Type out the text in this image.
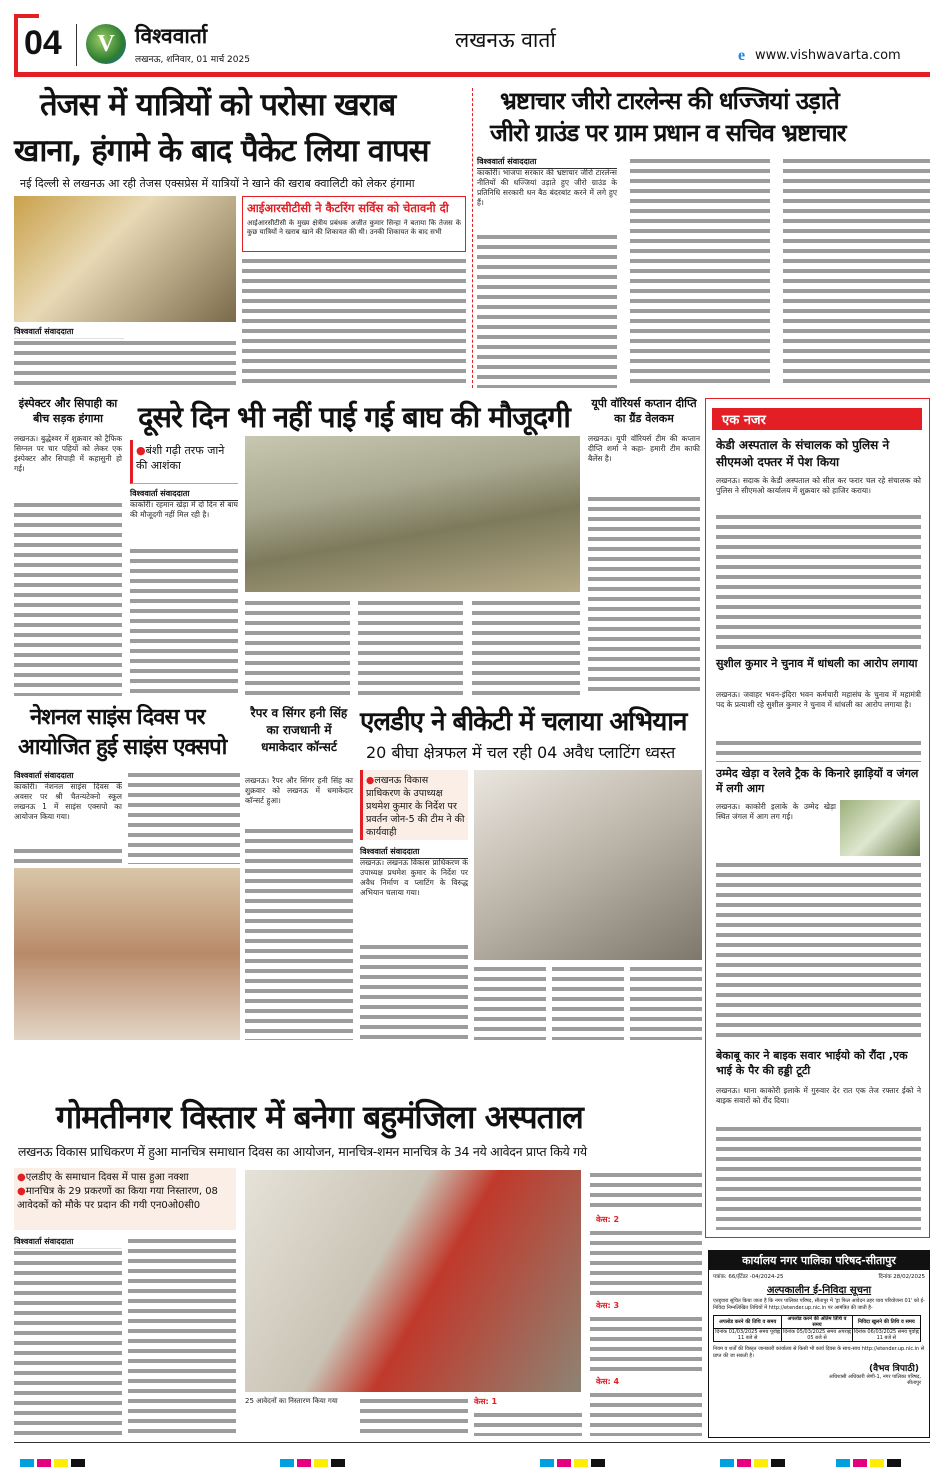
04	V विश्ववार्ता
लखनऊ, शनिवार, 01 मार्च 2025
लखनऊ वार्ता
e www.vishwavarta.com
तेजस में यात्रियों को परोसा खराब
खाना, हंगामे के बाद पैकेट लिया वापस
नई दिल्ली से लखनऊ आ रही तेजस एक्सप्रेस में यात्रियों ने खाने की खराब क्वालिटी को लेकर हंगामा
आईआरसीटीसी ने कैटरिंग सर्विस को चेतावनी दी
आईआरसीटीसी के मुख्य क्षेत्रीय प्रबंधक अजीत कुमार सिन्हा ने बताया कि तेजस के कुछ यात्रियों ने खराब खाने की शिकायत की थी। उनकी शिकायत के बाद सभी
विश्ववार्ता संवाददाता
भ्रष्टाचार जीरो टारलेन्स की धज्जियां उड़ाते
जीरो ग्राउंड पर ग्राम प्रधान व सचिव भ्रष्टाचार
विश्ववार्ता संवाददाता
काकोरी। भाजपा सरकार की भ्रष्टाचार जीरो टारलेन्स नीतियों की धज्जियां उड़ाते हुए जीरो ग्राउंड के प्रतिनिधि सरकारी धन बैठ बंदरबांट करने में लगे हुए हैं।
इंस्पेक्टर और सिपाही का बीच सड़क हंगामा
लखनऊ। बुद्धेश्वर में शुक्रवार को ट्रैफिक सिग्नल पर चार पहियों को लेकर एक इंस्पेक्टर और सिपाही में कहासुनी हो गई।
दूसरे दिन भी नहीं पाई गई बाघ की मौजूदगी
●बंशी गढ़ी तरफ जाने की आशंका
विश्ववार्ता संवाददाता
काकोरी। रहमान खेड़ा में दो दिन से बाघ की मौजूदगी नहीं मिल रही है।
यूपी वॉरियर्स कप्तान दीप्ति का ग्रैंड वेलकम
लखनऊ। यूपी वॉरियर्स टीम की कप्तान दीप्ति शर्मा ने कहा- हमारी टीम काफी बैलेंस है।
एक नजर
केडी अस्पताल के संचालक को पुलिस ने सीएमओ दफ्तर में पेश किया
लखनऊ। सदाक के केडी अस्पताल को सील कर फरार चल रहे संचालक को पुलिस ने सीएमओ कार्यालय में शुक्रवार को हाजिर कराया।
सुशील कुमार ने चुनाव में धांधली का आरोप लगाया
लखनऊ। जवाहर भवन-इंदिरा भवन कर्मचारी महासंघ के चुनाव में महामंत्री पद के प्रत्याशी रहे सुशील कुमार ने चुनाव में धांधली का आरोप लगाया है।
उम्मेद खेड़ा व रेलवे ट्रैक के किनारे झाड़ियों व जंगल में लगी आग
लखनऊ। काकोरी इलाके के उम्मेद खेड़ा स्थित जंगल में आग लग गई।
बेकाबू कार ने बाइक सवार भाईयो को रौंदा ,एक भाई के पैर की हड्डी टूटी
लखनऊ। थाना काकोरी इलाके में गुरुवार देर रात एक तेज रफ्तार ईको ने बाइक सवारों को रौंद दिया।
नेशनल साइंस दिवस पर
आयोजित हुई साइंस एक्सपो
विश्ववार्ता संवाददाता
काकोरी। नेशनल साइंस दिवस के अवसर पर श्री चैतन्यटेक्नो स्कूल लखनऊ 1 में साइंस एक्सपो का आयोजन किया गया।
रैपर व सिंगर हनी सिंह का राजधानी में धमाकेदार कॉन्सर्ट
लखनऊ। रैपर और सिंगर हनी सिंह का शुक्रवार को लखनऊ में धमाकेदार कॉन्सर्ट हुआ।
एलडीए ने बीकेटी में चलाया अभियान
20 बीघा क्षेत्रफल में चल रही 04 अवैध प्लाटिंग ध्वस्त
●लखनऊ विकास प्राधिकरण के उपाध्यक्ष प्रथमेश कुमार के निर्देश पर प्रवर्तन जोन-5 की टीम ने की कार्यवाही
विश्ववार्ता संवाददाता
लखनऊ। लखनऊ विकास प्राधिकरण के उपाध्यक्ष प्रथमेश कुमार के निर्देश पर अवैध निर्माण व प्लाटिंग के विरुद्ध अभियान चलाया गया।
गोमतीनगर विस्तार में बनेगा बहुमंजिला अस्पताल
लखनऊ विकास प्राधिकरण में हुआ मानचित्र समाधान दिवस का आयोजन, मानचित्र-शमन मानचित्र के 34 नये आवेदन प्राप्त किये गये
●एलडीए के समाधान दिवस में पास हुआ नक्शा
●मानचित्र के 29 प्रकरणों का किया गया निस्तारण, 08 आवेदकों को मौके पर प्रदान की गयी एन0ओ0सी0
विश्ववार्ता संवाददाता
25 आवेदनों का निस्तारण किया गया	केस: 1
केस: 2
केस: 3
केस: 4
कार्यालय नगर पालिका परिषद-सीतापुर
पत्रांक: 66/ईटेंडर -04/2024-25	दिनांक 28/02/2025
अल्पकालीन ई-निविदा सूचना
एतद्द्वारा सूचित किया जाता है कि नगर पालिका परिषद, सीतापुर में 'ड्रा फिल आवेदन ठहर व्यय परियोजना 01' को ई-निविदा निम्नलिखित तिथियों में http://etender.up.nic.in पर आमंत्रित की जाती है-
अपलोड करने की तिथि व समय	अपलोड करने की अंतिम तिथि व समय	निविदा खुलने की तिथि व समय
दिनांक 01/03/2025 समय पूर्वाह्न 11 बजे से	दिनांक 05/03/2025 समय अपराह्न 05 बजे से	दिनांक 06/03/2025 समय पूर्वाह्न 11 बजे से
नियम व शर्तों की विस्तृत जानकारी कार्यालय से किसी भी कार्य दिवस के साथ-साथ http://etender.up.nic.in से प्राप्त की जा सकती है।
(वैभव त्रिपाठी)
अधिशासी अधिकारी श्रेणी-1, नगर पालिका परिषद, सीतापुर
